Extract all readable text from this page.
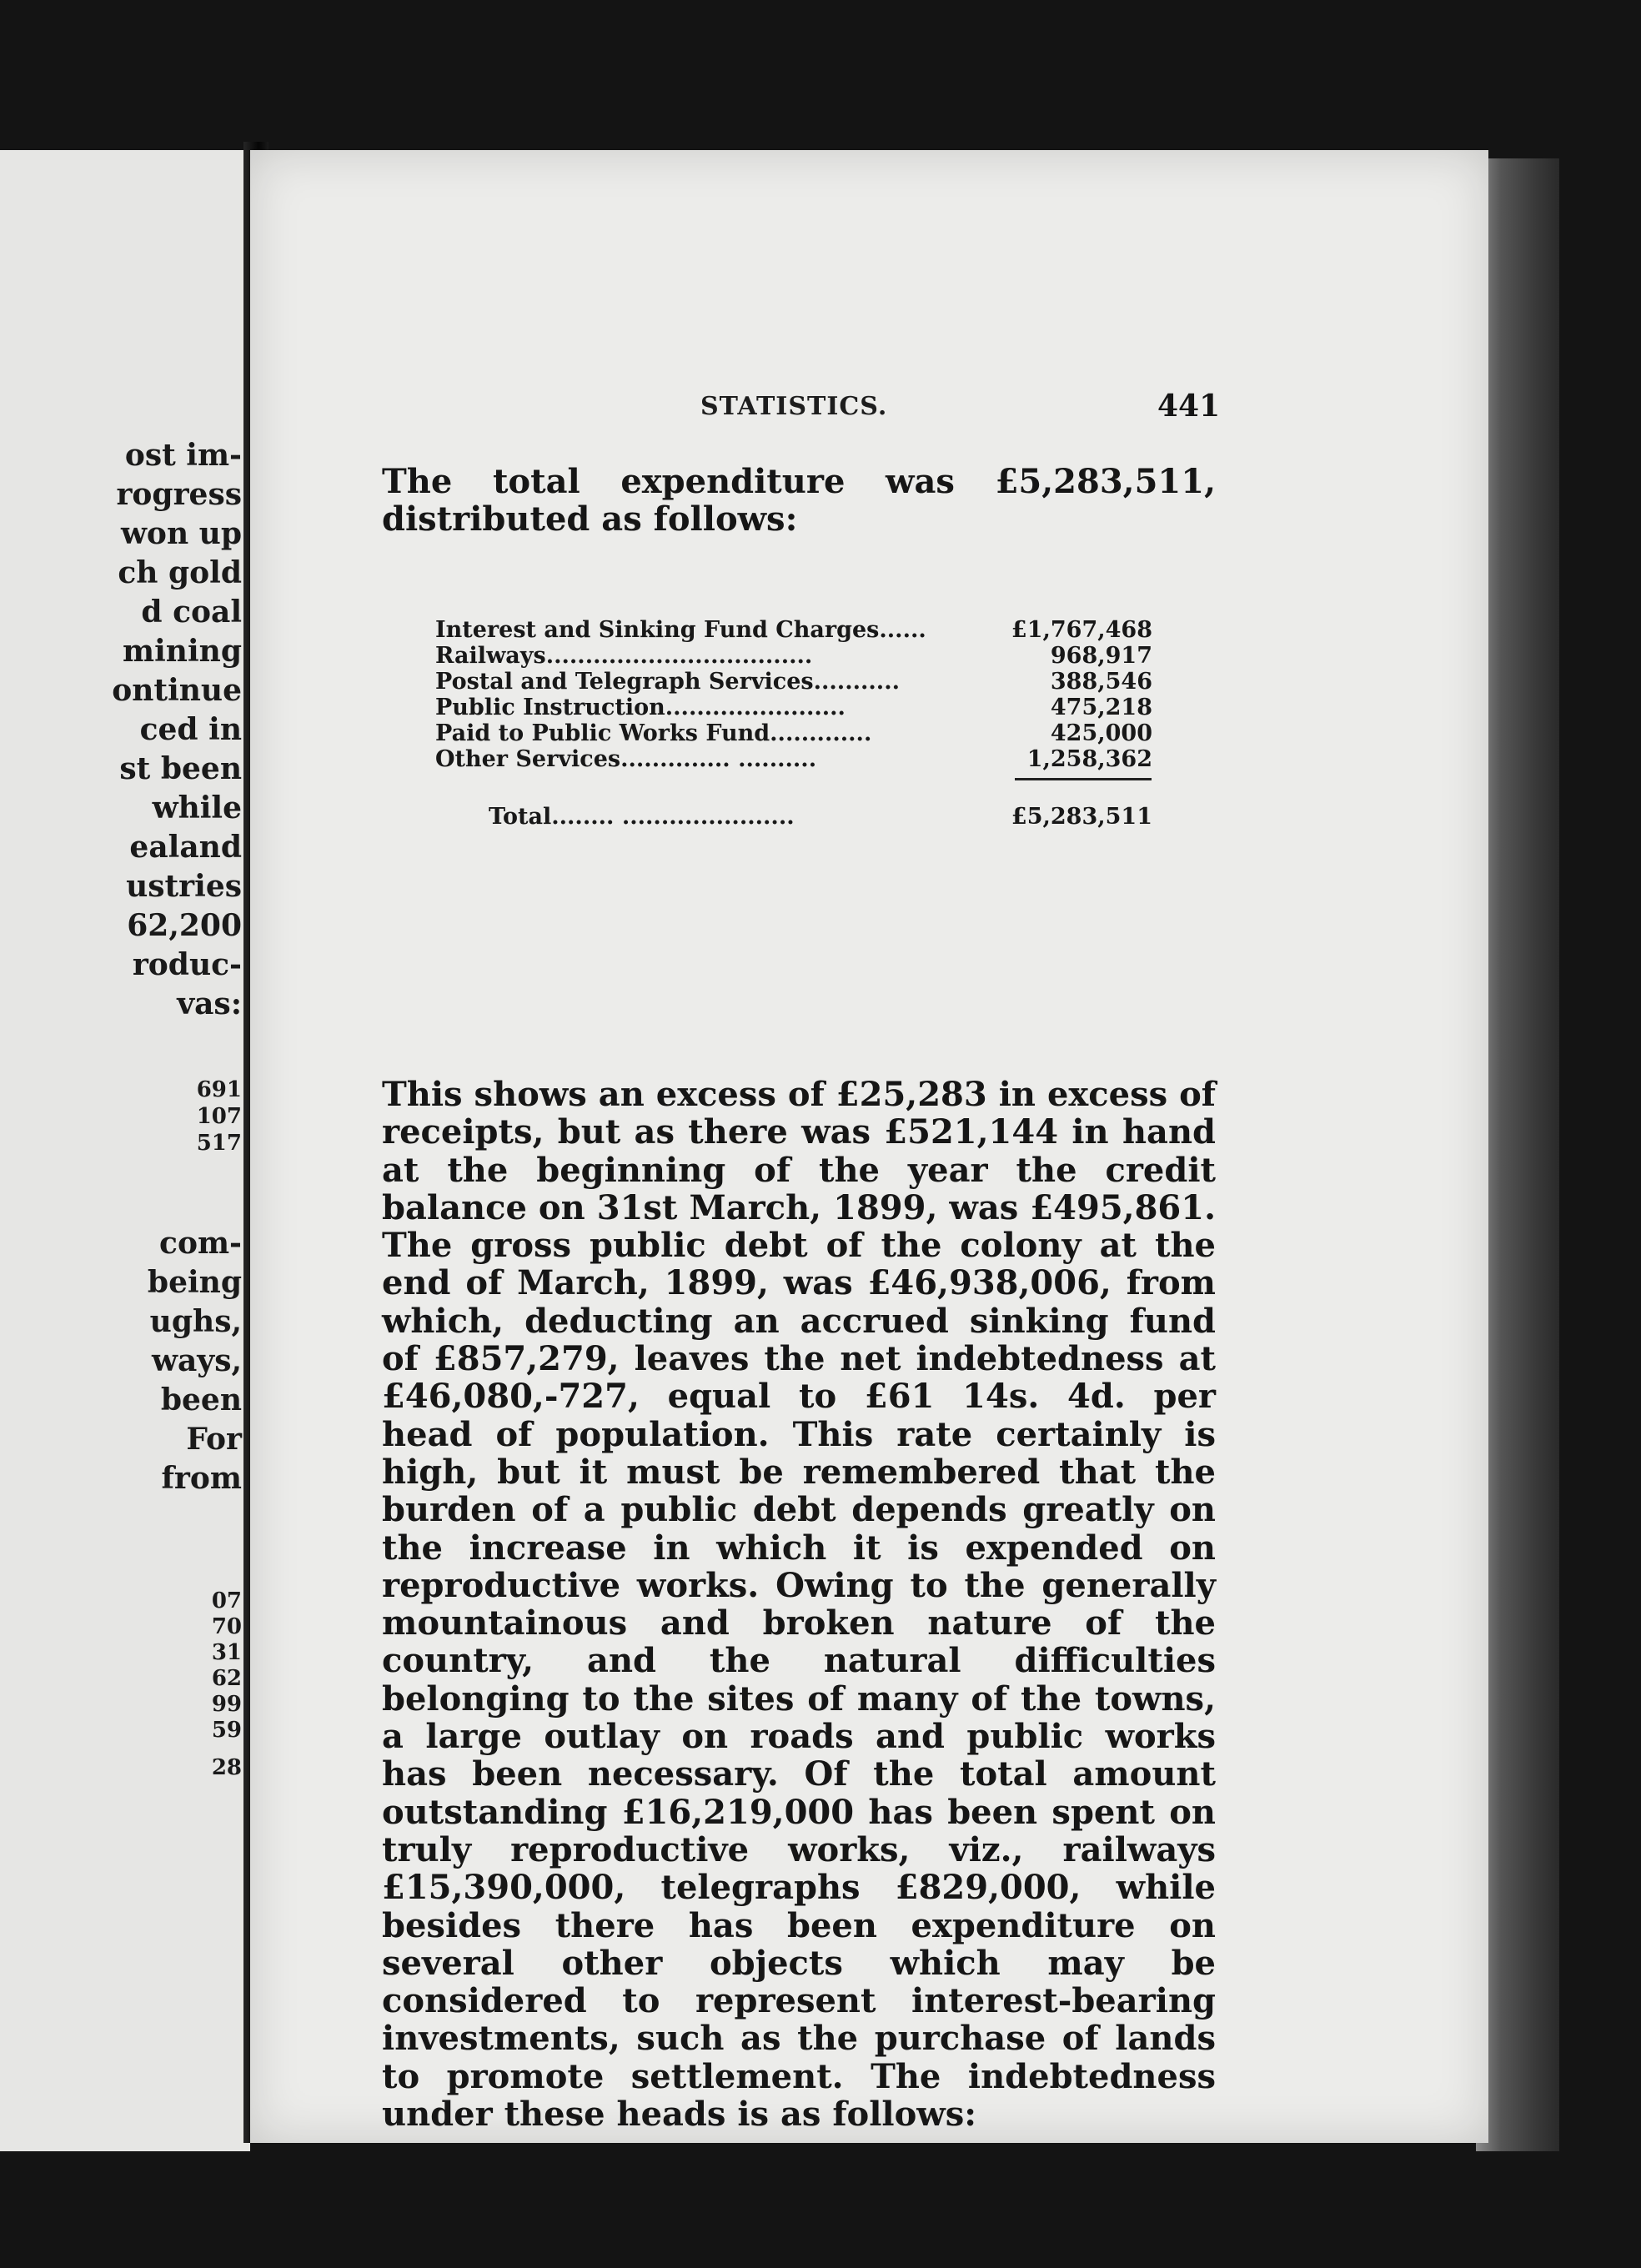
ost im-
rogress
won up
ch gold
d coal
mining
ontinue
ced in
st been
while
ealand
ustries
62,200
roduc-
vas:
691
107
517
com-
being
ughs,
ways,
been
For
from
07
70
31
62
99
59
28
STATISTICS.	441

The total expenditure was £5,283,511, distributed as follows:

Interest and Sinking Fund Charges......	£1,767,468
Railways..................................	968,917
Postal and Telegraph Services...........	388,546
Public Instruction.......................	475,218
Paid to Public Works Fund.............	425,000
Other Services.............. ..........	1,258,362
Total........ ......................	£5,283,511

This shows an excess of £25,283 in excess of receipts, but as there was £521,144 in hand at the beginning of the year the credit balance on 31st March, 1899, was £495,861. The gross public debt of the colony at the end of March, 1899, was £46,938,006, from which, deducting an accrued sinking fund of £857,279, leaves the net indebtedness at £46,080,-727, equal to £61 14s. 4d. per head of population. This rate certainly is high, but it must be remembered that the burden of a public debt depends greatly on the increase in which it is expended on reproductive works. Owing to the generally mountainous and broken nature of the country, and the natural difficulties belonging to the sites of many of the towns, a large outlay on roads and public works has been necessary. Of the total amount outstanding £16,219,000 has been spent on truly reproductive works, viz., railways £15,390,000, telegraphs £829,000, while besides there has been expenditure on several other objects which may be considered to represent interest-bearing investments, such as the purchase of lands to promote settlement. The indebtedness under these heads is as follows:
